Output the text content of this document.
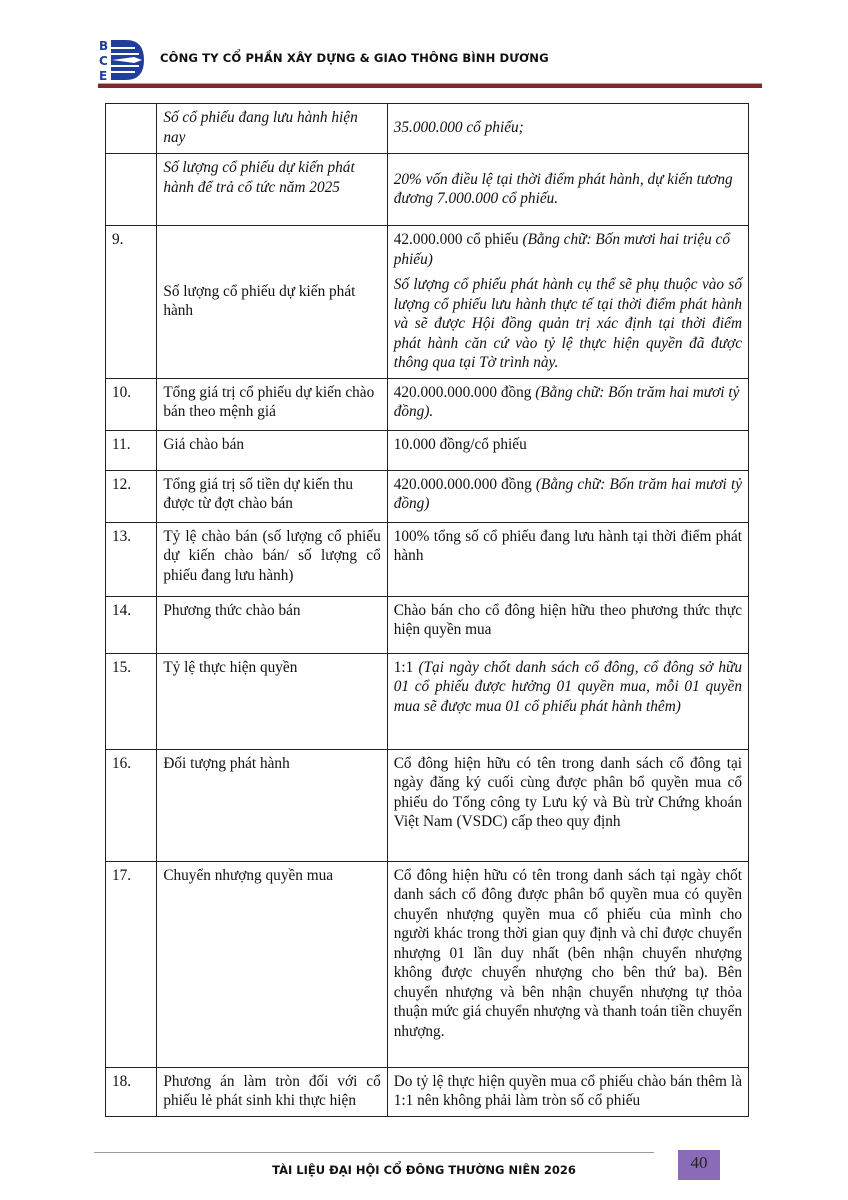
B
C
E
CÔNG TY CỔ PHẦN XÂY DỰNG & GIAO THÔNG BÌNH DƯƠNG
	Số cổ phiếu đang lưu hành hiện nay	35.000.000 cổ phiếu;
	Số lượng cổ phiếu dự kiến phát hành để trả cổ tức năm 2025	20% vốn điều lệ tại thời điểm phát hành, dự kiến tương đương 7.000.000 cổ phiếu.
9.	Số lượng cổ phiếu dự kiến phát hành	42.000.000 cổ phiếu (Bằng chữ: Bốn mươi hai triệu cổ phiếu)

Số lượng cổ phiếu phát hành cụ thể sẽ phụ thuộc vào số lượng cổ phiếu lưu hành thực tế tại thời điểm phát hành và sẽ được Hội đồng quản trị xác định tại thời điểm phát hành căn cứ vào tỷ lệ thực hiện quyền đã được thông qua tại Tờ trình này.

10.	Tổng giá trị cổ phiếu dự kiến chào bán theo mệnh giá	420.000.000.000 đồng (Bằng chữ: Bốn trăm hai mươi tỷ đồng).
11.	Giá chào bán	10.000 đồng/cổ phiếu
12.	Tổng giá trị số tiền dự kiến thu được từ đợt chào bán	420.000.000.000 đồng (Bằng chữ: Bốn trăm hai mươi tỷ đồng)
13.	Tỷ lệ chào bán (số lượng cổ phiếu dự kiến chào bán/ số lượng cổ phiếu đang lưu hành)	100% tổng số cổ phiếu đang lưu hành tại thời điểm phát hành
14.	Phương thức chào bán	Chào bán cho cổ đông hiện hữu theo phương thức thực hiện quyền mua
15.	Tỷ lệ thực hiện quyền	1:1 (Tại ngày chốt danh sách cổ đông, cổ đông sở hữu 01 cổ phiếu được hưởng 01 quyền mua, mỗi 01 quyền mua sẽ được mua 01 cổ phiếu phát hành thêm)
16.	Đối tượng phát hành	Cổ đông hiện hữu có tên trong danh sách cổ đông tại ngày đăng ký cuối cùng được phân bổ quyền mua cổ phiếu do Tổng công ty Lưu ký và Bù trừ Chứng khoán Việt Nam (VSDC) cấp theo quy định
17.	Chuyển nhượng quyền mua	Cổ đông hiện hữu có tên trong danh sách tại ngày chốt danh sách cổ đông được phân bổ quyền mua có quyền chuyển nhượng quyền mua cổ phiếu của mình cho người khác trong thời gian quy định và chỉ được chuyển nhượng 01 lần duy nhất (bên nhận chuyển nhượng không được chuyển nhượng cho bên thứ ba). Bên chuyển nhượng và bên nhận chuyển nhượng tự thỏa thuận mức giá chuyển nhượng và thanh toán tiền chuyển nhượng.
18.	Phương án làm tròn đối với cổ phiếu lẻ phát sinh khi thực hiện	Do tỷ lệ thực hiện quyền mua cổ phiếu chào bán thêm là 1:1 nên không phải làm tròn số cổ phiếu
TÀI LIỆU ĐẠI HỘI CỔ ĐÔNG THƯỜNG NIÊN 2026	40
